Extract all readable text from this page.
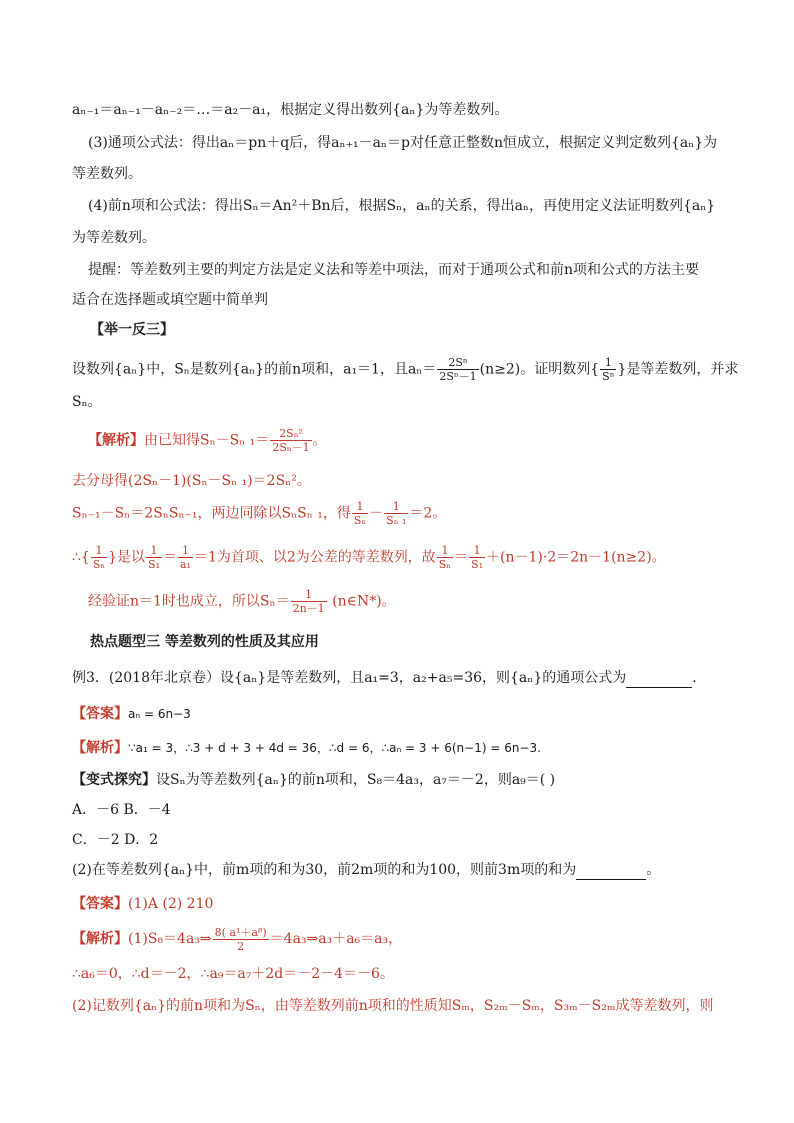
aₙ₋₁＝aₙ₋₁－aₙ₋₂＝…＝a₂－a₁，根据定义得出数列{aₙ}为等差数列。
(3)通项公式法：得出aₙ＝pn＋q后，得aₙ₊₁－aₙ＝p对任意正整数n恒成立，根据定义判定数列{aₙ}为
等差数列。
(4)前n项和公式法：得出Sₙ＝An²＋Bn后，根据Sₙ，aₙ的关系，得出aₙ，再使用定义法证明数列{aₙ}
为等差数列。
提醒：等差数列主要的判定方法是定义法和等差中项法，而对于通项公式和前n项和公式的方法主要
适合在选择题或填空题中简单判
【举一反三】
设数列{aₙ}中，Sₙ是数列{aₙ}的前n项和，a₁＝1，且$a_n= \frac{\text{2Sⁿ}}{\text{2Sⁿ－1}} (n\ge 2)$。证明数列{ $\frac{1}{\text{Sⁿ}}$ }是等差数列，并求
Sₙ。
【解析】由已知得Sₙ－Sₙ $_1= \frac{\text{2Sₙ²}}{\text{2Sₙ－1}}$ 。
去分母得(2Sₙ－1)(Sₙ－Sₙ ₁)＝2Sₙ²。
Sₙ₋₁－Sₙ＝2SₙSₙ₋₁，两边同除以SₙSₙ ₁，得 $\frac{1}{\text{Sₙ}} - \frac{1}{\text{Sₙ ₁}} =2$。
∴{ $\frac{1}{\text{Sₙ}}$ }是以 $\frac{1}{\text{S₁}} = \frac{1}{\text{a₁}} =1$为首项、以2为公差的等差数列，故 $\frac{1}{\text{Sₙ}} = \frac{1}{\text{S₁}} +(n-1)\cdot 2=2n-1(n\ge 2)$。
经验证n＝1时也成立，所以$S_n= \frac{1}{2n-1}$ (n∈N*)。
热点题型三 等差数列的性质及其应用
例3．(2018年北京卷）设{aₙ}是等差数列，且a₁=3，a₂+a₅=36，则{aₙ}的通项公式为	．
【答案】aₙ = 6n−3
【解析】∵a₁ = 3，∴3 + d + 3 + 4d = 36，∴d = 6，∴aₙ = 3 + 6(n−1) = 6n−3.
【变式探究】设Sₙ为等差数列{aₙ}的前n项和，S₈＝4a₃，a₇＝－2，则a₉＝( )
A．－6 B．－4
C．－2 D．2
(2)在等差数列{aₙ}中，前m项的和为30，前2m项的和为100，则前3m项的和为	。
【答案】(1)A (2) 210
【解析】(1)S₈＝4a₃⇒ $\frac{\text{8( a¹＋a⁸)}}{2}$ ＝4a₃⇒a₃＋a₆＝a₃，
∴a₆＝0，∴d＝－2，∴a₉＝a₇＋2d＝－2－4＝－6。
(2)记数列{aₙ}的前n项和为Sₙ，由等差数列前n项和的性质知Sₘ，S₂ₘ－Sₘ，S₃ₘ－S₂ₘ成等差数列，则
